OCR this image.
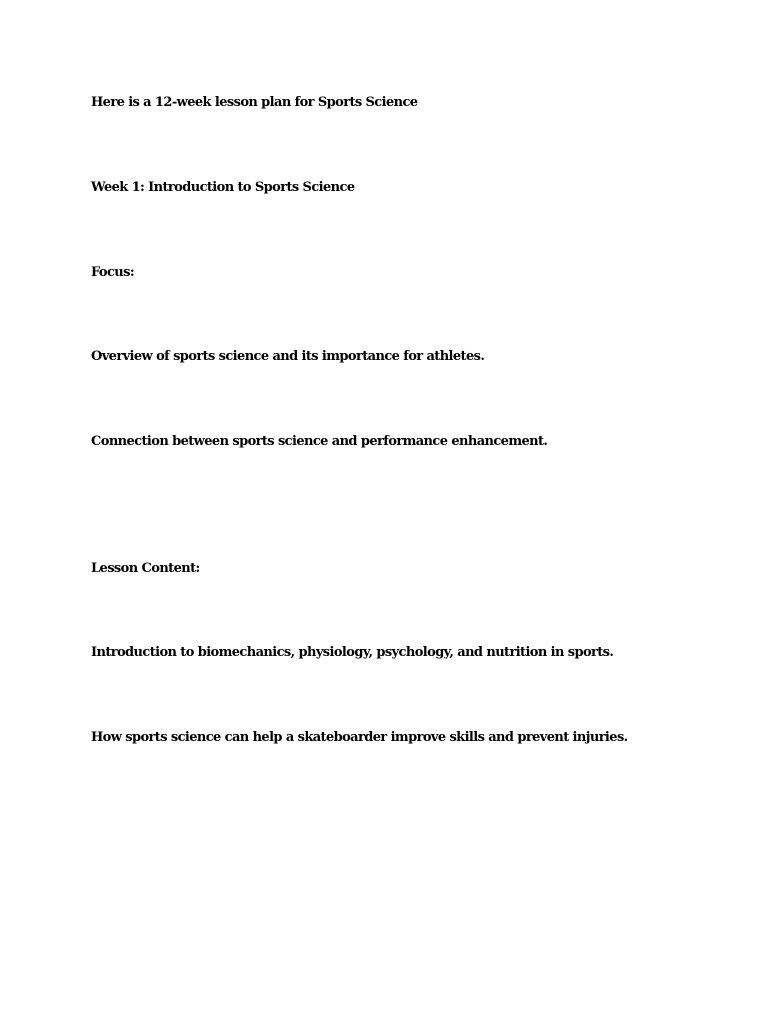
Here is a 12-week lesson plan for Sports Science

Week 1: Introduction to Sports Science

Focus:

Overview of sports science and its importance for athletes.

Connection between sports science and performance enhancement.

Lesson Content:

Introduction to biomechanics, physiology, psychology, and nutrition in sports.

How sports science can help a skateboarder improve skills and prevent injuries.
